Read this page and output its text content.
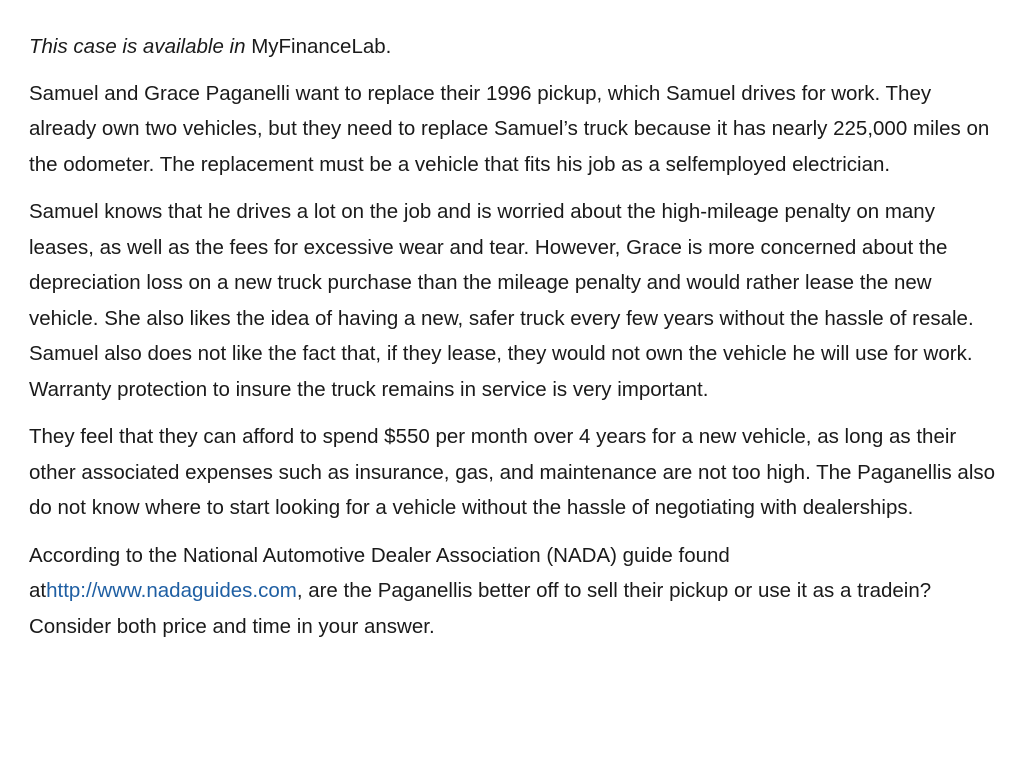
This case is available in MyFinanceLab.

Samuel and Grace Paganelli want to replace their 1996 pickup, which Samuel drives for work. They already own two vehicles, but they need to replace Samuel’s truck because it has nearly 225,000 miles on the odometer. The replacement must be a vehicle that fits his job as a selfemployed electrician.

Samuel knows that he drives a lot on the job and is worried about the high-mileage penalty on many leases, as well as the fees for excessive wear and tear. However, Grace is more concerned about the depreciation loss on a new truck purchase than the mileage penalty and would rather lease the new vehicle. She also likes the idea of having a new, safer truck every few years without the hassle of resale. Samuel also does not like the fact that, if they lease, they would not own the vehicle he will use for work. Warranty protection to insure the truck remains in service is very important.

They feel that they can afford to spend $550 per month over 4 years for a new vehicle, as long as their other associated expenses such as insurance, gas, and maintenance are not too high. The Paganellis also do not know where to start looking for a vehicle without the hassle of negotiating with dealerships.

According to the National Automotive Dealer Association (NADA) guide found athttp://www.nadaguides.com, are the Paganellis better off to sell their pickup or use it as a tradein? Consider both price and time in your answer.
